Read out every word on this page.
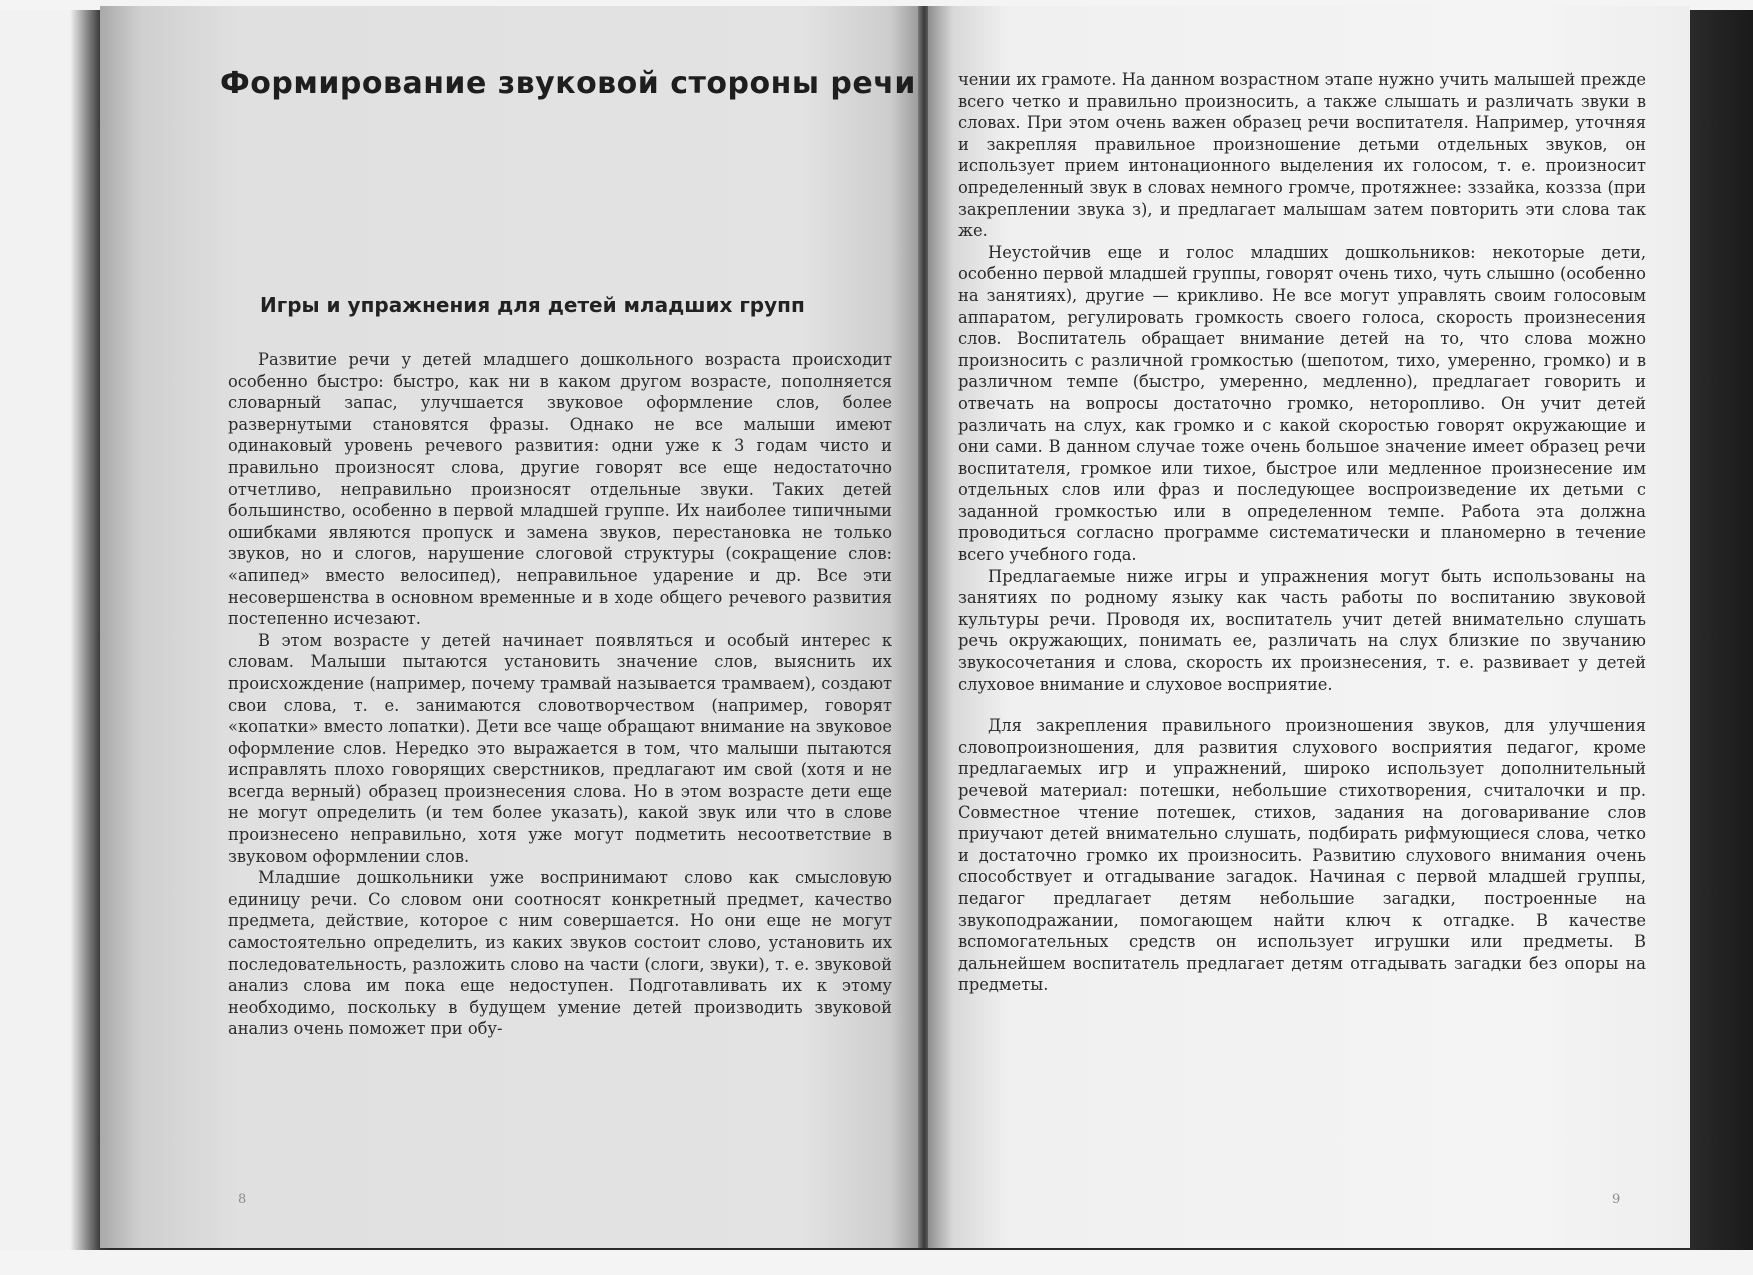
Формирование звуковой стороны речи
Игры и упражнения для детей младших групп

Развитие речи у детей младшего дошкольного возраста происходит особенно быстро: быстро, как ни в каком другом возрасте, пополняется словарный запас, улучшается звуковое оформление слов, более развернутыми становятся фразы. Однако не все малыши имеют одинаковый уровень речевого развития: одни уже к 3 годам чисто и правильно произносят слова, другие говорят все еще недостаточно отчетливо, неправильно произносят отдельные звуки. Таких детей большинство, особенно в первой младшей группе. Их наиболее типичными ошибками являются пропуск и замена звуков, перестановка не только звуков, но и слогов, нарушение слоговой структуры (сокращение слов: «апипед» вместо велосипед), неправильное ударение и др. Все эти несовершенства в основном временные и в ходе общего речевого развития постепенно исчезают.

В этом возрасте у детей начинает появляться и особый интерес к словам. Малыши пытаются установить значение слов, выяснить их происхождение (например, почему трамвай называется трамваем), создают свои слова, т. е. занимаются словотворчеством (например, говорят «копатки» вместо лопатки). Дети все чаще обращают внимание на звуковое оформление слов. Нередко это выражается в том, что малыши пытаются исправлять плохо говорящих сверстников, предлагают им свой (хотя и не всегда верный) образец произнесения слова. Но в этом возрасте дети еще не могут определить (и тем более указать), какой звук или что в слове произнесено неправильно, хотя уже могут подметить несоответствие в звуковом оформлении слов.

Младшие дошкольники уже воспринимают слово как смысловую единицу речи. Со словом они соотносят конкретный предмет, качество предмета, действие, которое с ним совершается. Но они еще не могут самостоятельно определить, из каких звуков состоит слово, установить их последовательность, разложить слово на части (слоги, звуки), т. е. звуковой анализ слова им пока еще недоступен. Подготавливать их к этому необходимо, поскольку в будущем умение детей производить звуковой анализ очень поможет при обу-

8

чении их грамоте. На данном возрастном этапе нужно учить малышей прежде всего четко и правильно произносить, а также слышать и различать звуки в словах. При этом очень важен образец речи воспитателя. Например, уточняя и закрепляя правильное произношение детьми отдельных звуков, он использует прием интонационного выделения их голосом, т. е. произносит определенный звук в словах немного громче, протяжнее: зззайка, коззза (при закреплении звука з), и предлагает малышам затем повторить эти слова так же.

Неустойчив еще и голос младших дошкольников: некоторые дети, особенно первой младшей группы, говорят очень тихо, чуть слышно (особенно на занятиях), другие — крикливо. Не все могут управлять своим голосовым аппаратом, регулировать громкость своего голоса, скорость произнесения слов. Воспитатель обращает внимание детей на то, что слова можно произносить с различной громкостью (шепотом, тихо, умеренно, громко) и в различном темпе (быстро, умеренно, медленно), предлагает говорить и отвечать на вопросы достаточно громко, неторопливо. Он учит детей различать на слух, как громко и с какой скоростью говорят окружающие и они сами. В данном случае тоже очень большое значение имеет образец речи воспитателя, громкое или тихое, быстрое или медленное произнесение им отдельных слов или фраз и последующее воспроизведение их детьми с заданной громкостью или в определенном темпе. Работа эта должна проводиться согласно программе систематически и планомерно в течение всего учебного года.

Предлагаемые ниже игры и упражнения могут быть использованы на занятиях по родному языку как часть работы по воспитанию звуковой культуры речи. Проводя их, воспитатель учит детей внимательно слушать речь окружающих, понимать ее, различать на слух близкие по звучанию звукосочетания и слова, скорость их произнесения, т. е. развивает у детей слуховое внимание и слуховое восприятие.

Для закрепления правильного произношения звуков, для улучшения словопроизношения, для развития слухового восприятия педагог, кроме предлагаемых игр и упражнений, широко использует дополнительный речевой материал: потешки, небольшие стихотворения, считалочки и пр. Совместное чтение потешек, стихов, задания на договаривание слов приучают детей внимательно слушать, подбирать рифмующиеся слова, четко и достаточно громко их произносить. Развитию слухового внимания очень способствует и отгадывание загадок. Начиная с первой младшей группы, педагог предлагает детям небольшие загадки, построенные на звукоподражании, помогающем найти ключ к отгадке. В качестве вспомогательных средств он использует игрушки или предметы. В дальнейшем воспитатель предлагает детям отгадывать загадки без опоры на предметы.

9
